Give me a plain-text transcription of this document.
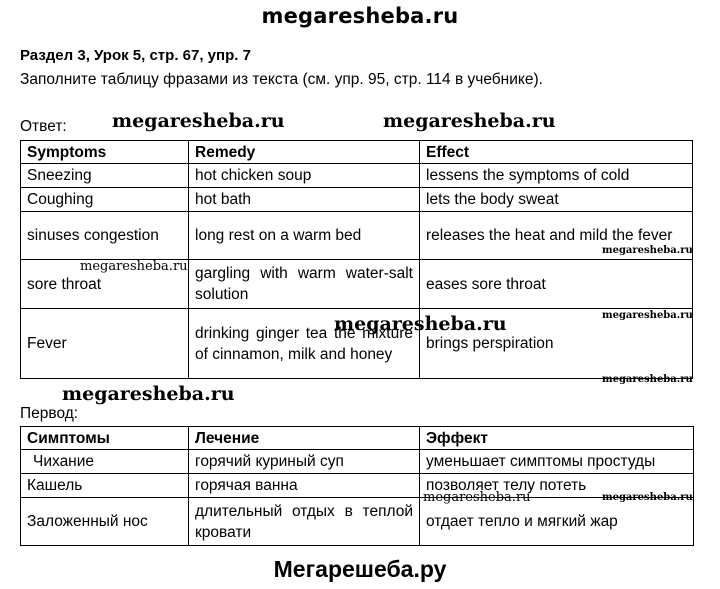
megaresheba.ru
Раздел 3, Урок 5, стр. 67, упр. 7
Заполните таблицу фразами из текста (см. упр. 95, стр. 114 в учебнике).
Ответ: megaresheba.ru	megaresheba.ru
Symptoms	Remedy	Effect
Sneezing	hot chicken soup	lessens the symptoms of cold
Coughing	hot bath	lets the body sweat
sinuses congestion	long rest on a warm bed	releases the heat and mild the fever
sore throat	gargling with warm water-salt solution	eases sore throat
Fever	drinking ginger tea the mixture of cinnamon, milk and honey	brings perspiration
megaresheba.ru
megaresheba.ru
megaresheba.ru
megaresheba.ru
megaresheba.ru
megaresheba.ru
Первод:
Симптомы	Лечение	Эффект
Чихание	горячий куриный суп	уменьшает симптомы простуды
Кашель	горячая ванна	позволяет телу потеть
Заложенный нос	длительный отдых в теплой кровати	отдает тепло и мягкий жар
megaresheba.ru	megaresheba.ru
Мегарешеба.ру
